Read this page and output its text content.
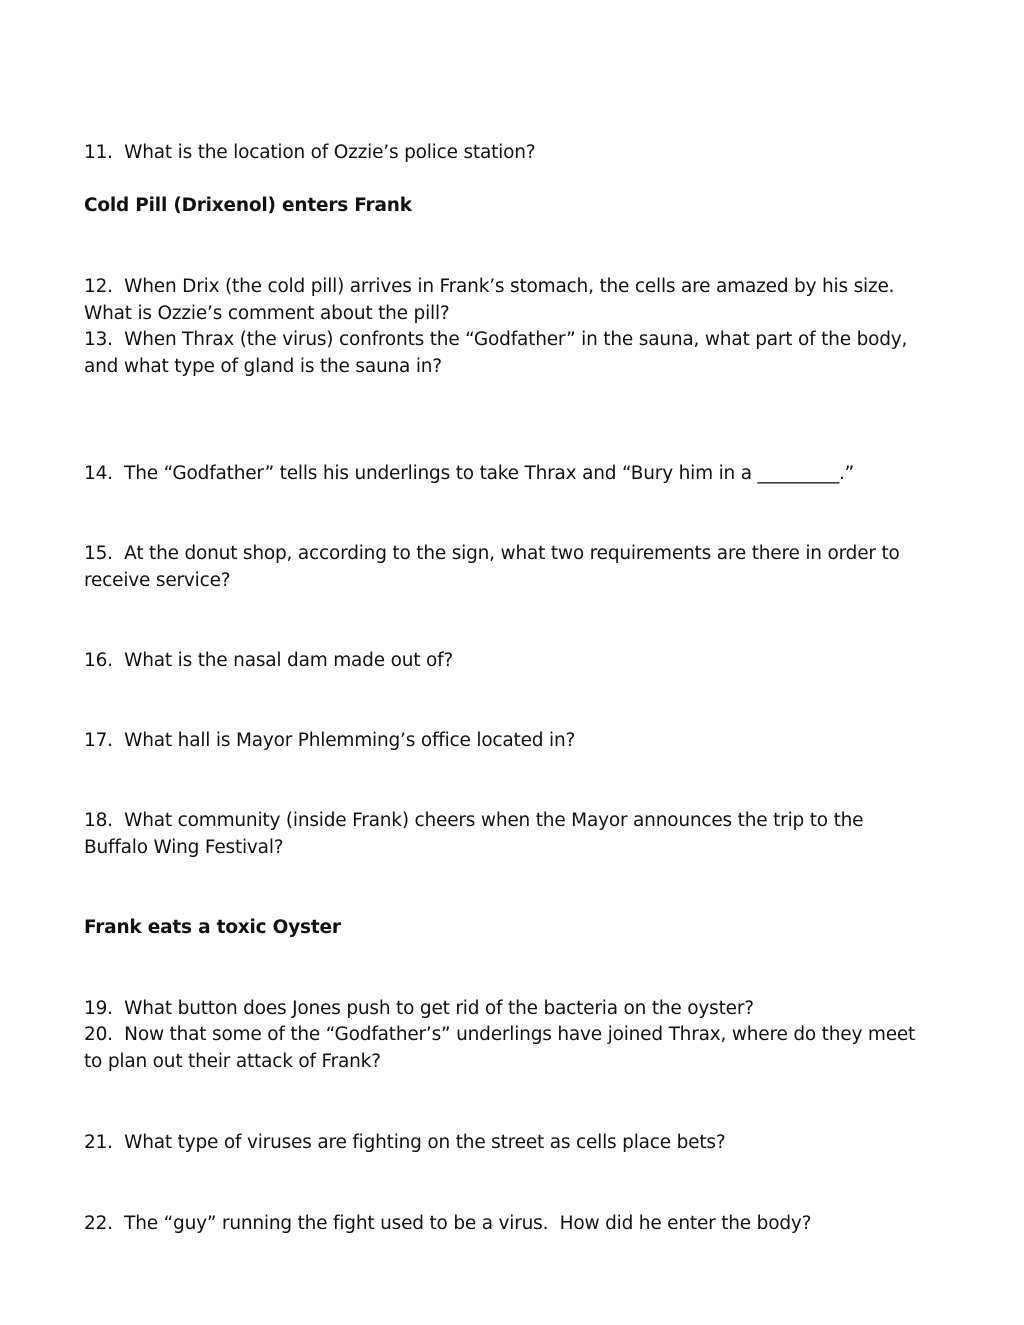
11.  What is the location of Ozzie’s police station?

Cold Pill (Drixenol) enters Frank

12.  When Drix (the cold pill) arrives in Frank’s stomach, the cells are amazed by his size.
What is Ozzie’s comment about the pill?

13.  When Thrax (the virus) confronts the “Godfather” in the sauna, what part of the body,
and what type of gland is the sauna in?

14.  The “Godfather” tells his underlings to take Thrax and “Bury him in a _________.”

15.  At the donut shop, according to the sign, what two requirements are there in order to
receive service?

16.  What is the nasal dam made out of?

17.  What hall is Mayor Phlemming’s office located in?

18.  What community (inside Frank) cheers when the Mayor announces the trip to the
Buffalo Wing Festival?

Frank eats a toxic Oyster

19.  What button does Jones push to get rid of the bacteria on the oyster?

20.  Now that some of the “Godfather’s” underlings have joined Thrax, where do they meet
to plan out their attack of Frank?

21.  What type of viruses are fighting on the street as cells place bets?

22.  The “guy” running the fight used to be a virus.  How did he enter the body?
